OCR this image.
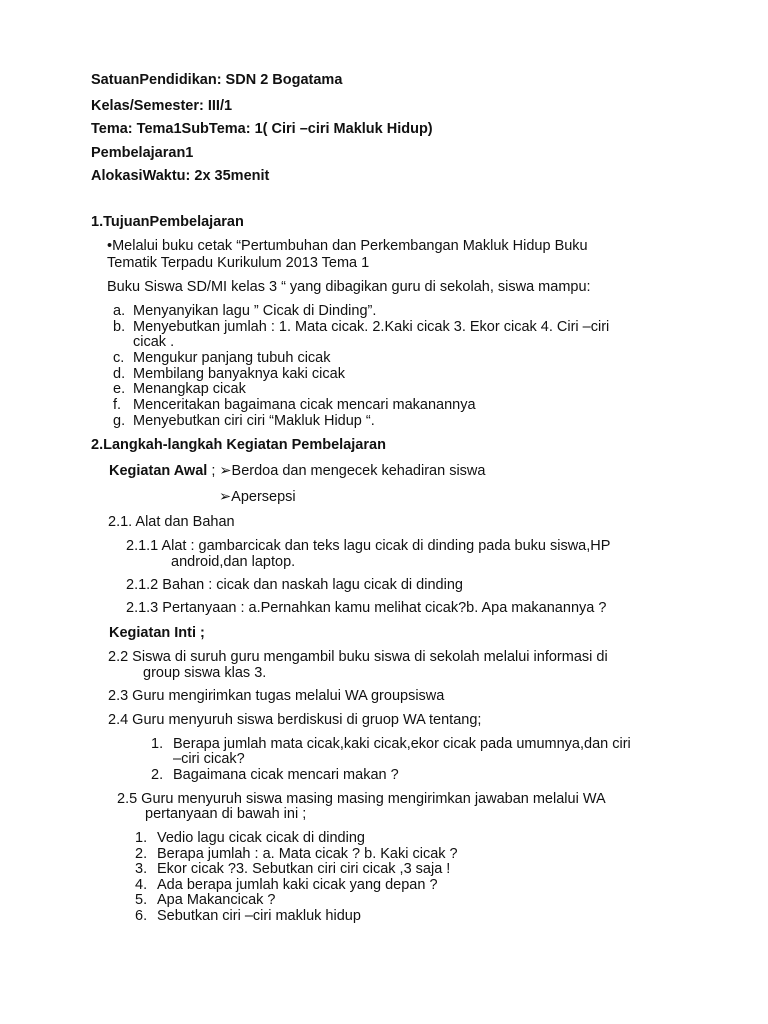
SatuanPendidikan: SDN 2 Bogatama
Kelas/Semester: III/1
Tema: Tema1SubTema: 1( Ciri –ciri Makluk Hidup)
Pembelajaran1
AlokasiWaktu: 2x 35menit
1.TujuanPembelajaran
•Melalui buku cetak “Pertumbuhan dan Perkembangan Makluk Hidup Buku
Tematik Terpadu Kurikulum 2013 Tema 1
Buku Siswa SD/MI kelas 3 “ yang dibagikan guru di sekolah, siswa mampu:
a. Menyanyikan lagu ” Cicak di Dinding”.
b. Menyebutkan jumlah : 1. Mata cicak. 2.Kaki cicak 3. Ekor cicak 4. Ciri –ciri
cicak .
c. Mengukur panjang tubuh cicak
d. Membilang banyaknya kaki cicak
e. Menangkap cicak
f. Menceritakan bagaimana cicak mencari makanannya
g. Menyebutkan ciri ciri “Makluk Hidup “.
2.Langkah-langkah Kegiatan Pembelajaran
Kegiatan Awal ; ➢Berdoa dan mengecek kehadiran siswa
➢Apersepsi
2.1. Alat dan Bahan
2.1.1 Alat : gambarcicak dan teks lagu cicak di dinding pada buku siswa,HP
android,dan laptop.
2.1.2 Bahan : cicak dan naskah lagu cicak di dinding
2.1.3 Pertanyaan : a.Pernahkan kamu melihat cicak?b. Apa makanannya ?
Kegiatan Inti ;
2.2 Siswa di suruh guru mengambil buku siswa di sekolah melalui informasi di
group siswa klas 3.
2.3 Guru mengirimkan tugas melalui WA groupsiswa
2.4 Guru menyuruh siswa berdiskusi di gruop WA tentang;
1. Berapa jumlah mata cicak,kaki cicak,ekor cicak pada umumnya,dan ciri
–ciri cicak?
2. Bagaimana cicak mencari makan ?
2.5 Guru menyuruh siswa masing masing mengirimkan jawaban melalui WA
pertanyaan di bawah ini ;
1. Vedio lagu cicak cicak di dinding
2. Berapa jumlah : a. Mata cicak ? b. Kaki cicak ?
3. Ekor cicak ?3. Sebutkan ciri ciri cicak ,3 saja !
4. Ada berapa jumlah kaki cicak yang depan ?
5. Apa Makancicak ?
6. Sebutkan ciri –ciri makluk hidup
